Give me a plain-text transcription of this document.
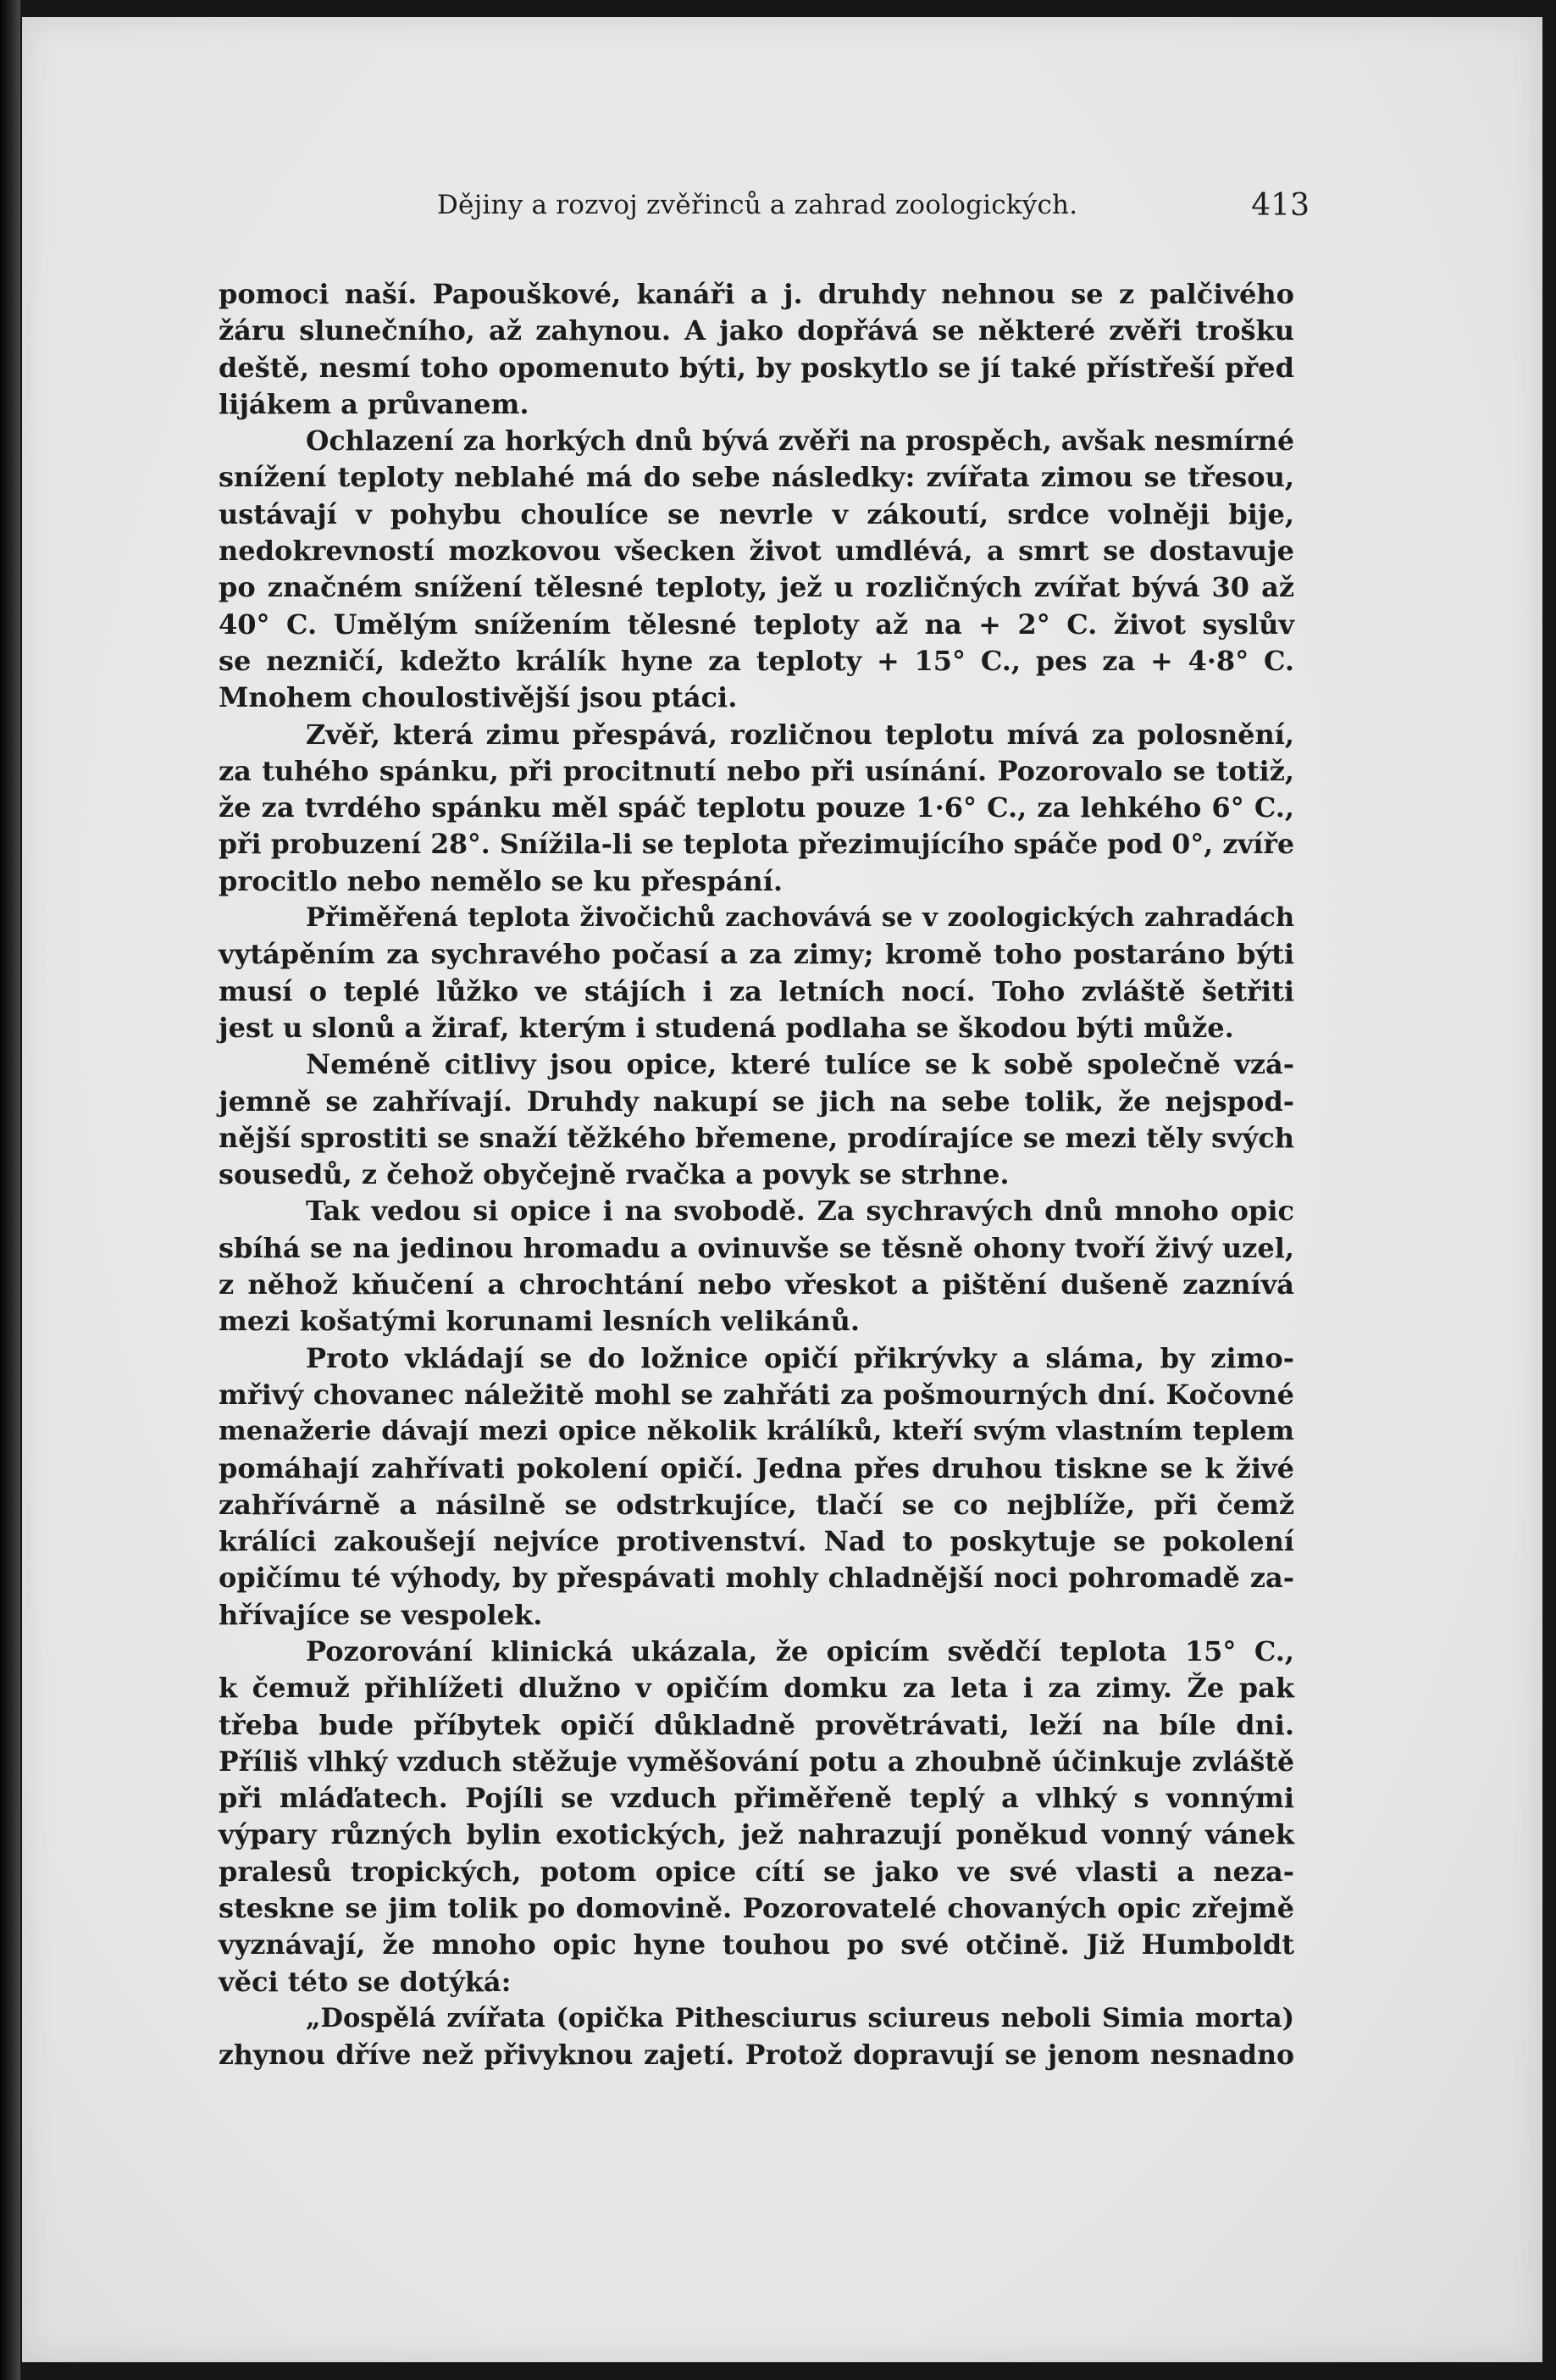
Dějiny a rozvoj zvěřinců a zahrad zoologických.	413
pomoci naší. Papouškové, kanáři a j. druhdy nehnou se z palčivého
žáru slunečního, až zahynou. A jako dopřává se některé zvěři trošku
deště, nesmí toho opomenuto býti, by poskytlo se jí také přístřeší před
lijákem a průvanem.
Ochlazení za horkých dnů bývá zvěři na prospěch, avšak nesmírné
snížení teploty neblahé má do sebe následky: zvířata zimou se třesou,
ustávají v pohybu choulíce se nevrle v zákoutí, srdce volněji bije,
nedokrevností mozkovou všecken život umdlévá, a smrt se dostavuje
po značném snížení tělesné teploty, jež u rozličných zvířat bývá 30 až
40° C. Umělým snížením tělesné teploty až na + 2° C. život syslův
se nezničí, kdežto králík hyne za teploty + 15° C., pes za + 4·8° C.
Mnohem choulostivější jsou ptáci.
Zvěř, která zimu přespává, rozličnou teplotu mívá za polosnění,
za tuhého spánku, při procitnutí nebo při usínání. Pozorovalo se totiž,
že za tvrdého spánku měl spáč teplotu pouze 1·6° C., za lehkého 6° C.,
při probuzení 28°. Snížila-li se teplota přezimujícího spáče pod 0°, zvíře
procitlo nebo nemělo se ku přespání.
Přiměřená teplota živočichů zachovává se v zoologických zahradách
vytápěním za sychravého počasí a za zimy; kromě toho postaráno býti
musí o teplé lůžko ve stájích i za letních nocí. Toho zvláště šetřiti
jest u slonů a žiraf, kterým i studená podlaha se škodou býti může.
Neméně citlivy jsou opice, které tulíce se k sobě společně vzá-
jemně se zahřívají. Druhdy nakupí se jich na sebe tolik, že nejspod-
nější sprostiti se snaží těžkého břemene, prodírajíce se mezi těly svých
sousedů, z čehož obyčejně rvačka a povyk se strhne.
Tak vedou si opice i na svobodě. Za sychravých dnů mnoho opic
sbíhá se na jedinou hromadu a ovinuvše se těsně ohony tvoří živý uzel,
z něhož kňučení a chrochtání nebo vřeskot a pištění dušeně zaznívá
mezi košatými korunami lesních velikánů.
Proto vkládají se do ložnice opičí přikrývky a sláma, by zimo-
mřivý chovanec náležitě mohl se zahřáti za pošmourných dní. Kočovné
menažerie dávají mezi opice několik králíků, kteří svým vlastním teplem
pomáhají zahřívati pokolení opičí. Jedna přes druhou tiskne se k živé
zahřívárně a násilně se odstrkujíce, tlačí se co nejblíže, při čemž
králíci zakoušejí nejvíce protivenství. Nad to poskytuje se pokolení
opičímu té výhody, by přespávati mohly chladnější noci pohromadě za-
hřívajíce se vespolek.
Pozorování klinická ukázala, že opicím svědčí teplota 15° C.,
k čemuž přihlížeti dlužno v opičím domku za leta i za zimy. Že pak
třeba bude příbytek opičí důkladně provětrávati, leží na bíle dni.
Příliš vlhký vzduch stěžuje vyměšování potu a zhoubně účinkuje zvláště
při mláďatech. Pojíli se vzduch přiměřeně teplý a vlhký s vonnými
výpary různých bylin exotických, jež nahrazují poněkud vonný vánek
pralesů tropických, potom opice cítí se jako ve své vlasti a neza-
steskne se jim tolik po domovině. Pozorovatelé chovaných opic zřejmě
vyznávají, že mnoho opic hyne touhou po své otčině. Již Humboldt
věci této se dotýká:
„Dospělá zvířata (opička Pithesciurus sciureus neboli Simia morta)
zhynou dříve než přivyknou zajetí. Protož dopravují se jenom nesnadno
